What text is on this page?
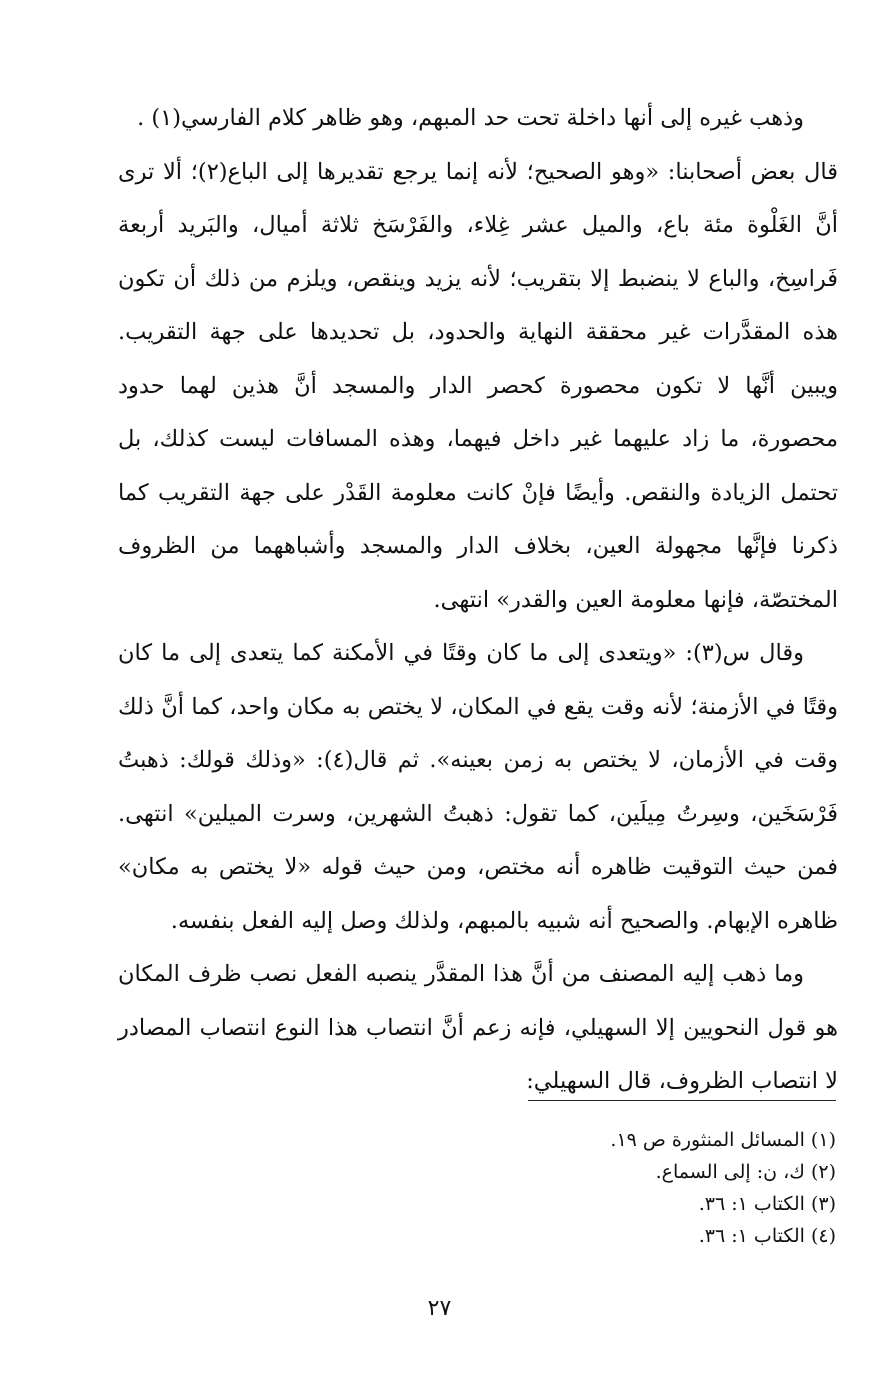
وذهب غيره إلى أنها داخلة تحت حد المبهم، وهو ظاهر كلام الفارسي(١) .

قال بعض أصحابنا: «وهو الصحيح؛ لأنه إنما يرجع تقديرها إلى الباع(٢)؛ ألا ترى أنَّ الغَلْوة مئة باع، والميل عشر غِلاء، والفَرْسَخ ثلاثة أميال، والبَريد أربعة فَراسِخ، والباع لا ينضبط إلا بتقريب؛ لأنه يزيد وينقص، ويلزم من ذلك أن تكون هذه المقدَّرات غير محققة النهاية والحدود، بل تحديدها على جهة التقريب. ويبين أنَّها لا تكون محصورة كحصر الدار والمسجد أنَّ هذين لهما حدود محصورة، ما زاد عليهما غير داخل فيهما، وهذه المسافات ليست كذلك، بل تحتمل الزيادة والنقص. وأيضًا فإنْ كانت معلومة القَدْر على جهة التقريب كما ذكرنا فإنَّها مجهولة العين، بخلاف الدار والمسجد وأشباههما من الظروف المختصّة، فإنها معلومة العين والقدر» انتهى.

وقال س(٣): «ويتعدى إلى ما كان وقتًا في الأمكنة كما يتعدى إلى ما كان وقتًا في الأزمنة؛ لأنه وقت يقع في المكان، لا يختص به مكان واحد، كما أنَّ ذلك وقت في الأزمان، لا يختص به زمن بعينه». ثم قال(٤): «وذلك قولك: ذهبتُ فَرْسَخَين، وسِرتُ مِيلَين، كما تقول: ذهبتُ الشهرين، وسرت الميلين» انتهى. فمن حيث التوقيت ظاهره أنه مختص، ومن حيث قوله «لا يختص به مكان» ظاهره الإبهام. والصحيح أنه شبيه بالمبهم، ولذلك وصل إليه الفعل بنفسه.

وما ذهب إليه المصنف من أنَّ هذا المقدَّر ينصبه الفعل نصب ظرف المكان هو قول النحويين إلا السهيلي، فإنه زعم أنَّ انتصاب هذا النوع انتصاب المصادر لا انتصاب الظروف، قال السهيلي:

(١) المسائل المنثورة ص ١٩.

(٢) ك، ن: إلى السماع.

(٣) الكتاب ١: ٣٦.

(٤) الكتاب ١: ٣٦.

٢٧
